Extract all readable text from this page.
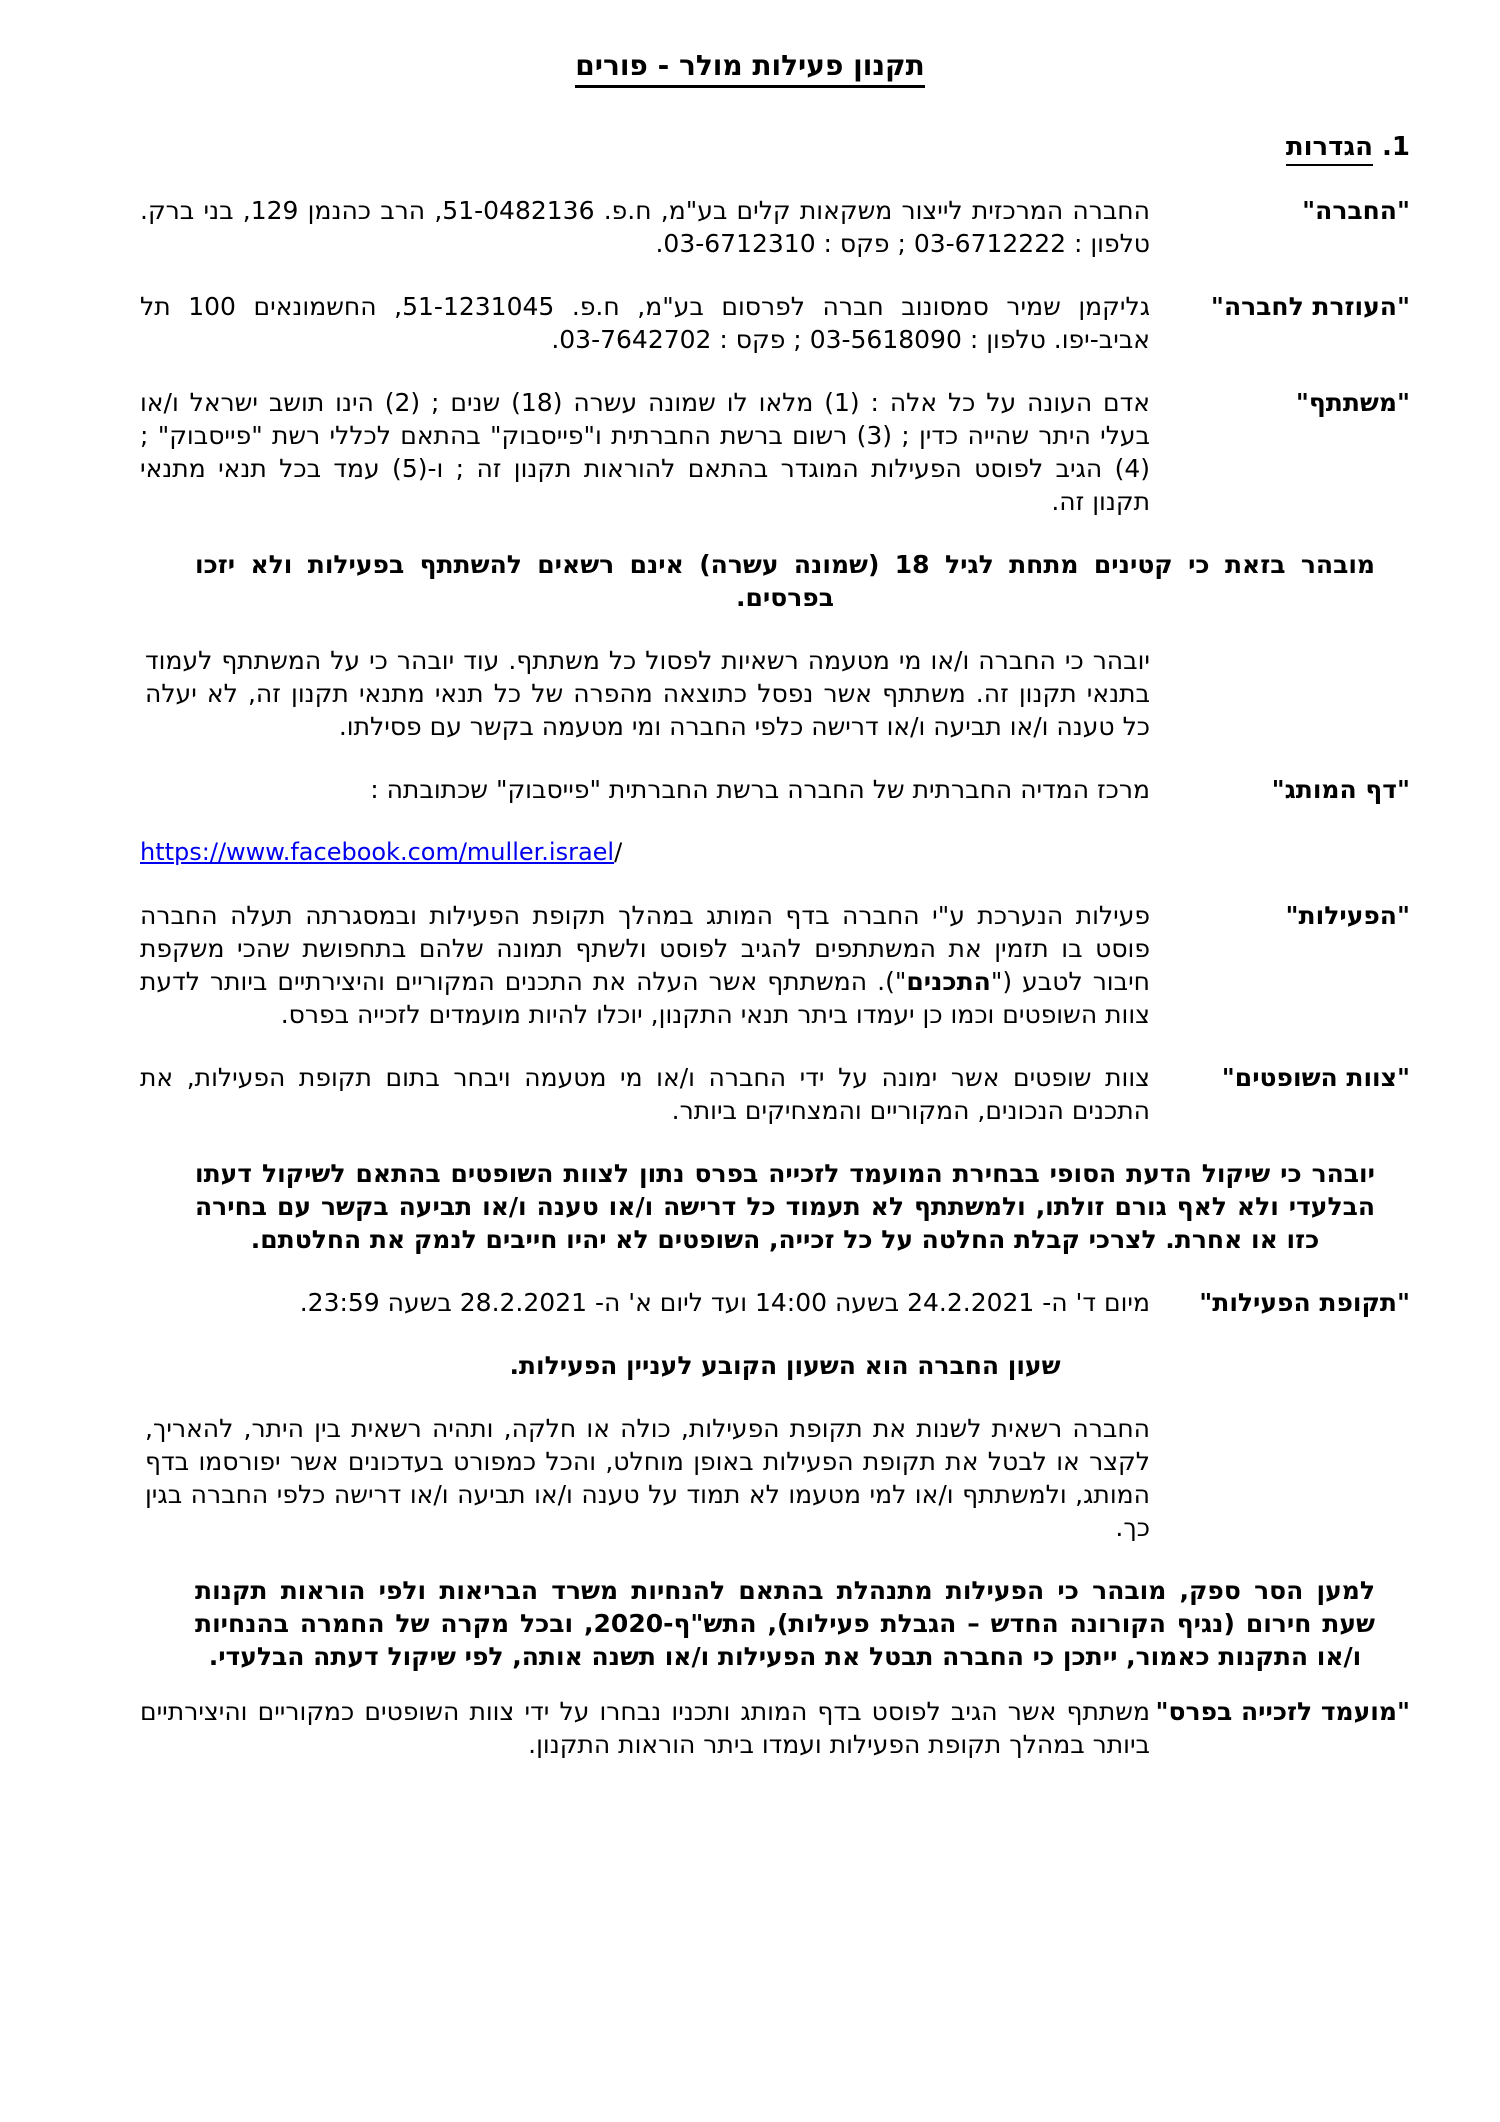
תקנון פעילות מולר - פורים
1. הגדרות
"החברה"
החברה המרכזית לייצור משקאות קלים בע"מ, ח.פ. 51-0482136, הרב כהנמן 129, בני ברק. טלפון : 03-6712222 ; פקס : 03-6712310.
"העוזרת לחברה"
גליקמן שמיר סמסונוב חברה לפרסום בע"מ, ח.פ. 51-1231045, החשמונאים 100 תל אביב-יפו. טלפון : 03-5618090 ; פקס : 03-7642702.
"משתתף"
אדם העונה על כל אלה : (1) מלאו לו שמונה עשרה (18) שנים ; (2) הינו תושב ישראל ו/או בעלי היתר שהייה כדין ; (3) רשום ברשת החברתית ו"פייסבוק" בהתאם לכללי רשת "פייסבוק" ; (4) הגיב לפוסט הפעילות המוגדר בהתאם להוראות תקנון זה ; ו-(5) עמד בכל תנאי מתנאי תקנון זה.
מובהר בזאת כי קטינים מתחת לגיל 18 (שמונה עשרה) אינם רשאים להשתתף בפעילות ולא יזכו בפרסים.
יובהר כי החברה ו/או מי מטעמה רשאיות לפסול כל משתתף. עוד יובהר כי על המשתתף לעמוד בתנאי תקנון זה. משתתף אשר נפסל כתוצאה מהפרה של כל תנאי מתנאי תקנון זה, לא יעלה כל טענה ו/או תביעה ו/או דרישה כלפי החברה ומי מטעמה בקשר עם פסילתו.
"דף המותג"
מרכז המדיה החברתית של החברה ברשת החברתית "פייסבוק" שכתובתה :
https://www.facebook.com/muller.israel/
"הפעילות"
פעילות הנערכת ע"י החברה בדף המותג במהלך תקופת הפעילות ובמסגרתה תעלה החברה פוסט בו תזמין את המשתתפים להגיב לפוסט ולשתף תמונה שלהם בתחפושת שהכי משקפת חיבור לטבע ("התכנים"). המשתתף אשר העלה את התכנים המקוריים והיצירתיים ביותר לדעת צוות השופטים וכמו כן יעמדו ביתר תנאי התקנון, יוכלו להיות מועמדים לזכייה בפרס.
"צוות השופטים"
צוות שופטים אשר ימונה על ידי החברה ו/או מי מטעמה ויבחר בתום תקופת הפעילות, את התכנים הנכונים, המקוריים והמצחיקים ביותר.
יובהר כי שיקול הדעת הסופי בבחירת המועמד לזכייה בפרס נתון לצוות השופטים בהתאם לשיקול דעתו הבלעדי ולא לאף גורם זולתו, ולמשתתף לא תעמוד כל דרישה ו/או טענה ו/או תביעה בקשר עם בחירה כזו או אחרת. לצרכי קבלת החלטה על כל זכייה, השופטים לא יהיו חייבים לנמק את החלטתם.
"תקופת הפעילות"
מיום ד' ה- 24.2.2021 בשעה 14:00 ועד ליום א' ה- 28.2.2021 בשעה 23:59.
שעון החברה הוא השעון הקובע לעניין הפעילות.
החברה רשאית לשנות את תקופת הפעילות, כולה או חלקה, ותהיה רשאית בין היתר, להאריך, לקצר או לבטל את תקופת הפעילות באופן מוחלט, והכל כמפורט בעדכונים אשר יפורסמו בדף המותג, ולמשתתף ו/או למי מטעמו לא תמוד על טענה ו/או תביעה ו/או דרישה כלפי החברה בגין כך.
למען הסר ספק, מובהר כי הפעילות מתנהלת בהתאם להנחיות משרד הבריאות ולפי הוראות תקנות שעת חירום (נגיף הקורונה החדש – הגבלת פעילות), התש"ף-2020, ובכל מקרה של החמרה בהנחיות ו/או התקנות כאמור, ייתכן כי החברה תבטל את הפעילות ו/או תשנה אותה, לפי שיקול דעתה הבלעדי.
"מועמד לזכייה בפרס"
משתתף אשר הגיב לפוסט בדף המותג ותכניו נבחרו על ידי צוות השופטים כמקוריים והיצירתיים ביותר במהלך תקופת הפעילות ועמדו ביתר הוראות התקנון.
